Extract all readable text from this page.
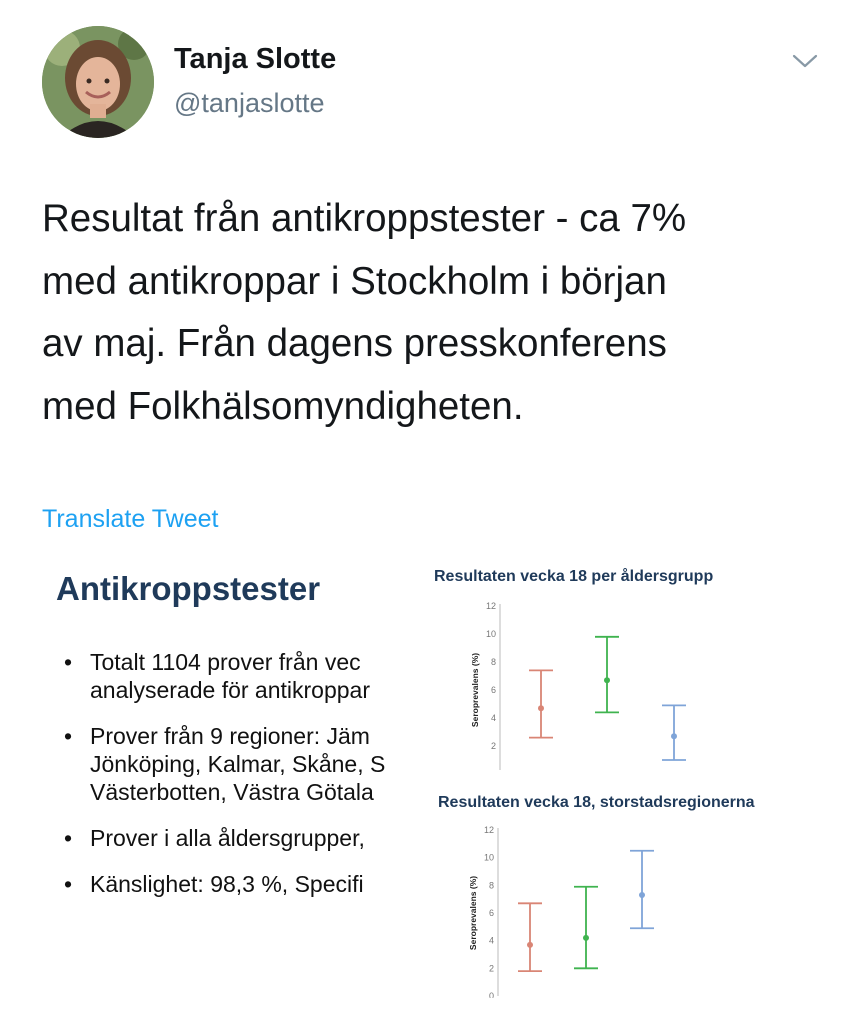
Tanja Slotte
@tanjaslotte
Resultat från antikroppstester - ca 7%
med antikroppar i Stockholm i början
av maj. Från dagens presskonferens
med Folkhälsomyndigheten.
Translate Tweet
Antikroppstester
• Totalt 1104 prover från vec
analyserade för antikroppar
• Prover från 9 regioner: Jäm
Jönköping, Kalmar, Skåne, S
Västerbotten, Västra Götala
• Prover i alla åldersgrupper,
• Känslighet: 98,3 %, Specifi
Resultaten vecka 18 per åldersgrupp
2
4
6
8
10
12
Seroprevalens (%)
Resultaten vecka 18, storstadsregionerna
0
2
4
6
8
10
12
Seroprevalens (%)
